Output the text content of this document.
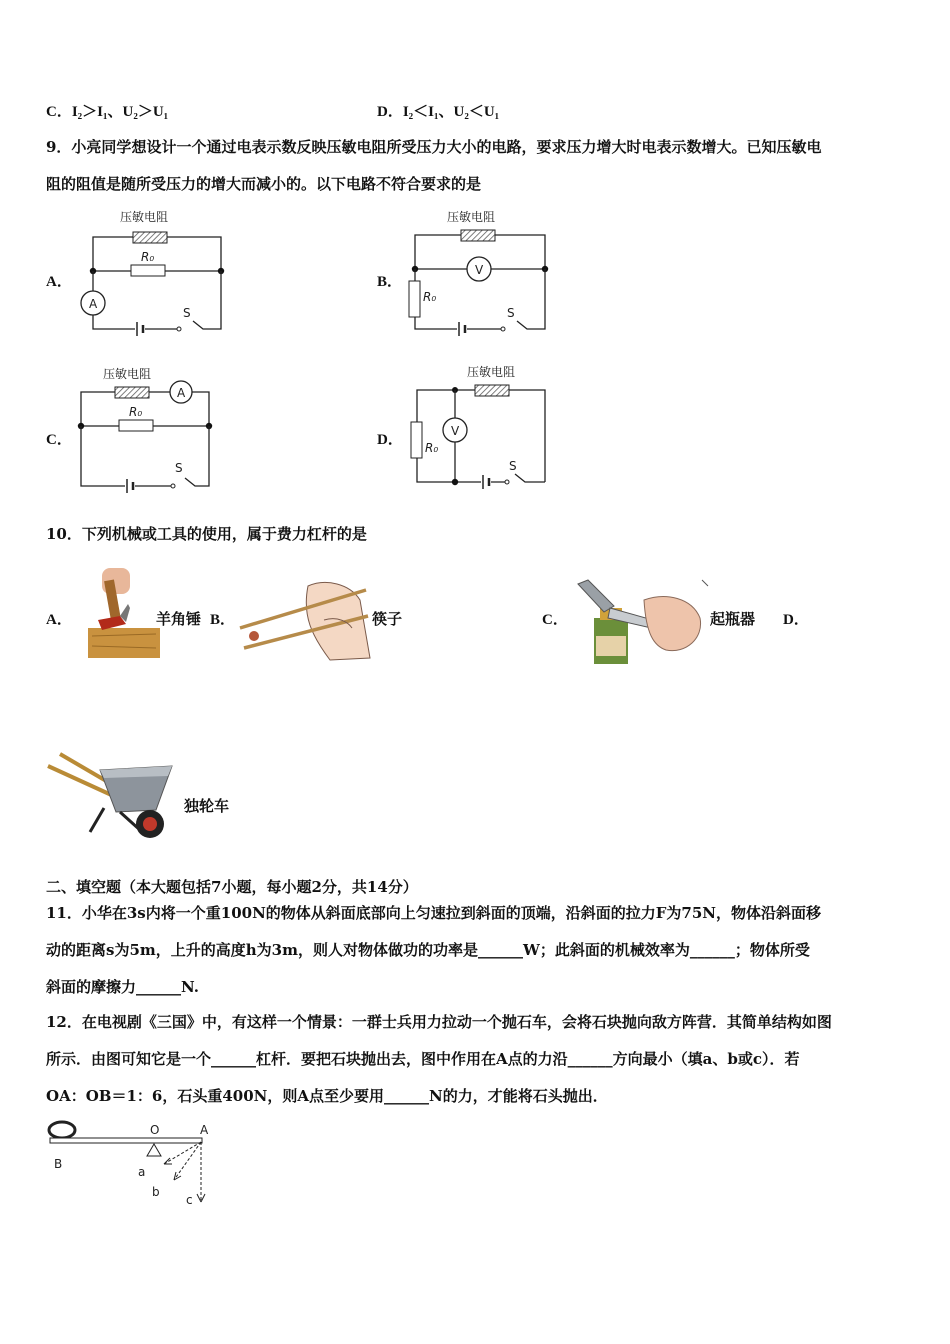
C．I₂＞I₁、U₂＞U₁	D．I₂＜I₁、U₂＜U₁
9．小亮同学想设计一个通过电表示数反映压敏电阻所受压力大小的电路，要求压力增大时电表示数增大。已知压敏电
阻的阻值是随所受压力的增大而减小的。以下电路不符合要求的是
A．	B．
C．	D．
压敏电阻
R₀
A
S
压敏电阻
V
R₀
S
压敏电阻
A
R₀
S
压敏电阻
V
R₀
S
10．下列机械或工具的使用，属于费力杠杆的是
A．	羊角锤 B．	筷子	C．	起瓶器 D．
独轮车
二、填空题（本大题包括7小题，每小题2分，共14分）
11．小华在3s内将一个重100N的物体从斜面底部向上匀速拉到斜面的顶端，沿斜面的拉力F为75N，物体沿斜面移
动的距离s为5m，上升的高度h为3m，则人对物体做功的功率是______W；此斜面的机械效率为______；物体所受
斜面的摩擦力______N.
12．在电视剧《三国》中，有这样一个情景：一群士兵用力拉动一个抛石车，会将石块抛向敌方阵营．其简单结构如图
所示．由图可知它是一个______杠杆．要把石块抛出去，图中作用在A点的力沿______方向最小（填a、b或c）．若
OA：OB＝1：6，石头重400N，则A点至少要用______N的力，才能将石头抛出．
O	A
B
a
b
c
